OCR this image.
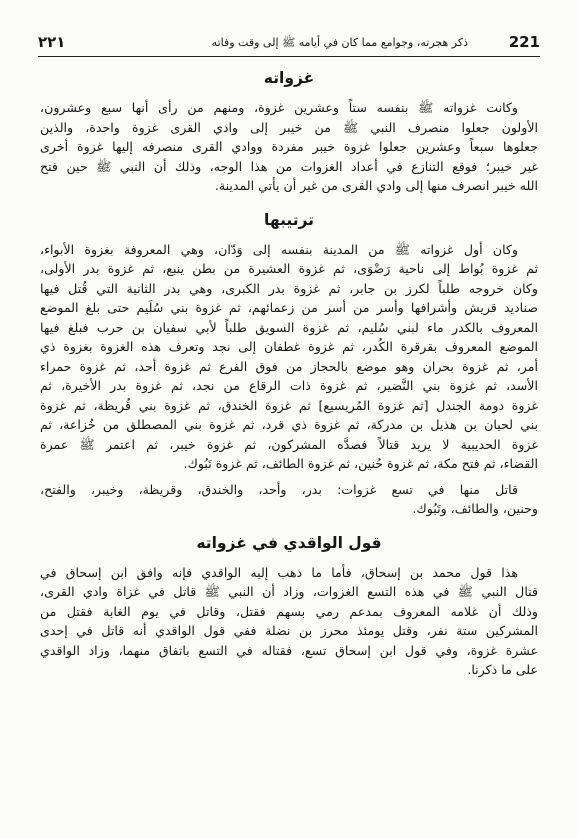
٢٢١	ذكر هجرته، وجوامع مما كان في أيامه ﷺ إلى وقت وفاته	221
غزواته
وكانت غزواته ﷺ بنفسه ستاً وعشرين غزوة، ومنهم من رأى أنها سبع وعشرون،
الأولون جعلوا منصرف النبي ﷺ من خيبر إلى وادي القرى غزوة واحدة، والذين
جعلوها سبعاً وعشرين جعلوا غزوة خيبر مفردة ووادي القرى منصرفه إليها غزوة أخرى
غير خيبر؛ فوقع التنازع في أعداد الغزوات من هذا الوجه، وذلك أن النبي ﷺ حين فتح
الله خيبر انصرف منها إلى وادي القرى من غير أن يأتي المدينة.
ترتيبها
وكان أول غزواته ﷺ من المدينة بنفسه إلى وَدّان، وهي المعروفة بغزوة الأبواء،
ثم غزوة بُواط إلى ناحية رَضْوَى، ثم غزوة العشيرة من بطن ينبع، ثم غزوة بدر الأولى،
وكان خروجه طلباً لكرز بن جابر، ثم غزوة بدر الكبرى، وهي بدر الثانية التي قُتل فيها
صناديد قريش وأشرافها وأسر من أسر من زعمائهم، ثم غزوة بني سُلَيم حتى بلغ الموضع
المعروف بالكدر ماء لبني سُليم، ثم غزوة السويق طلباً لأبي سفيان بن حرب فبلغ فيها
الموضع المعروف بقرقرة الكُدر، ثم غزوة غطفان إلى نجد وتعرف هذه الغزوة بغزوة ذي
أمر، ثم غزوة بحران وهو موضع بالحجاز من فوق الفرع ثم غزوة أحد، ثم غزوة حمراء
الأسد، ثم غزوة بني النَّضير، ثم غزوة ذات الرقاع من نجد، ثم غزوة بدر الأخيرة، ثم
غزوة دومة الجندل [ثم غزوة المُريسيع] ثم غزوة الخندق، ثم غزوة بني قُريظة، ثم غزوة
بني لحيان بن هذيل بن مدركة، ثم غزوة ذي قرد، ثم غزوة بني المصطلق من خُزاعة، ثم
غزوة الحديبية لا يريد قتالاً فصدَّه المشركون، ثم غزوة خيبر، ثم اعتمر ﷺ عمرة
القضاء، ثم فتح مكة، ثم غزوة حُنين، ثم غزوة الطائف، ثم غزوة تَبُوك.
قاتل منها في تسع غزوات: بدر، وأحد، والخندق، وقريظة، وخيبر، والفتح،
وحنين، والطائف، وتَبُوك.
قول الواقدي في غزواته
هذا قول محمد بن إسحاق، فأما ما ذهب إليه الواقدي فإنه وافق ابن إسحاق في
قتال النبي ﷺ في هذه التسع الغزوات، وزاد أن النبي ﷺ قاتل في غزاة وادي القرى،
وذلك أن غلامه المعروف بمدعم رمي بسهم فقتل، وقاتل في يوم الغابة فقتل من
المشركين ستة نفر، وقتل يومئذ محرز بن نضلة ففي قول الواقدي أنه قاتل في إحدى
عشرة غزوة، وفي قول ابن إسحاق تسع، فقتاله في التسع باتفاق منهما، وزاد الواقدي
على ما ذكرنا.
